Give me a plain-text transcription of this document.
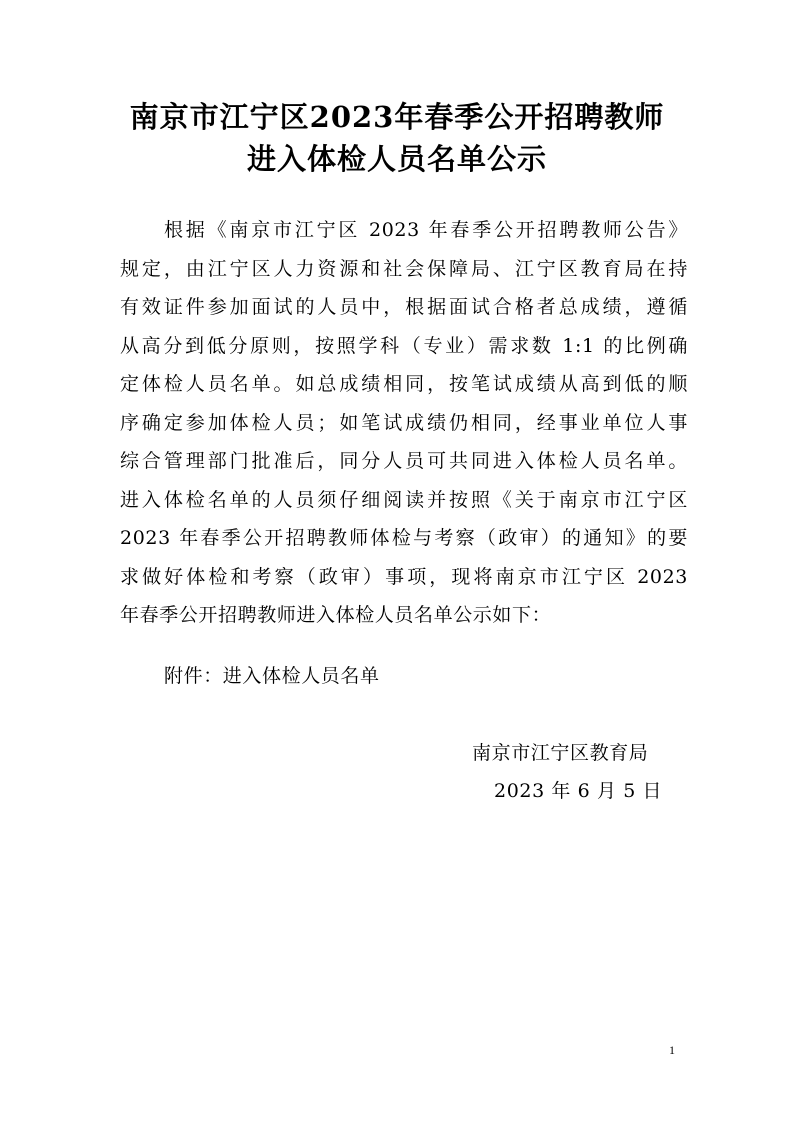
南京市江宁区2023年春季公开招聘教师
进入体检人员名单公示
根据《南京市江宁区 2023 年春季公开招聘教师公告》
规定，由江宁区人力资源和社会保障局、江宁区教育局在持
有效证件参加面试的人员中，根据面试合格者总成绩，遵循
从高分到低分原则，按照学科（专业）需求数 1:1 的比例确
定体检人员名单。如总成绩相同，按笔试成绩从高到低的顺
序确定参加体检人员；如笔试成绩仍相同，经事业单位人事
综合管理部门批准后，同分人员可共同进入体检人员名单。
进入体检名单的人员须仔细阅读并按照《关于南京市江宁区
2023 年春季公开招聘教师体检与考察（政审）的通知》的要
求做好体检和考察（政审）事项，现将南京市江宁区 2023
年春季公开招聘教师进入体检人员名单公示如下：
附件：进入体检人员名单
南京市江宁区教育局
2023 年 6 月 5 日
1
